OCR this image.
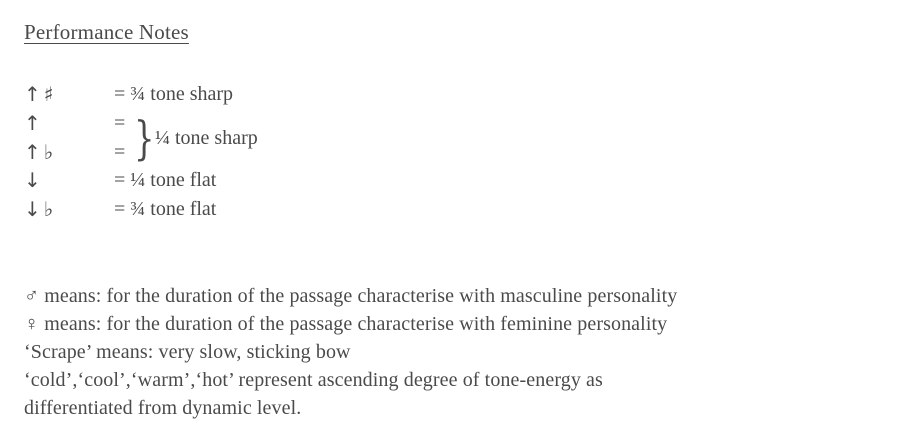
Performance Notes
↑ ♯	= ¾ tone sharp
↑	=
↑ ♭	= } ¼ tone sharp
↓	= ¼ tone flat
↓ ♭	= ¾ tone flat
♂ means: for the duration of the passage characterise with masculine personality
♀ means: for the duration of the passage characterise with feminine personality
‘Scrape’ means: very slow, sticking bow
‘cold’,‘cool’,‘warm’,‘hot’ represent ascending degree of tone-energy as
differentiated from dynamic level.
